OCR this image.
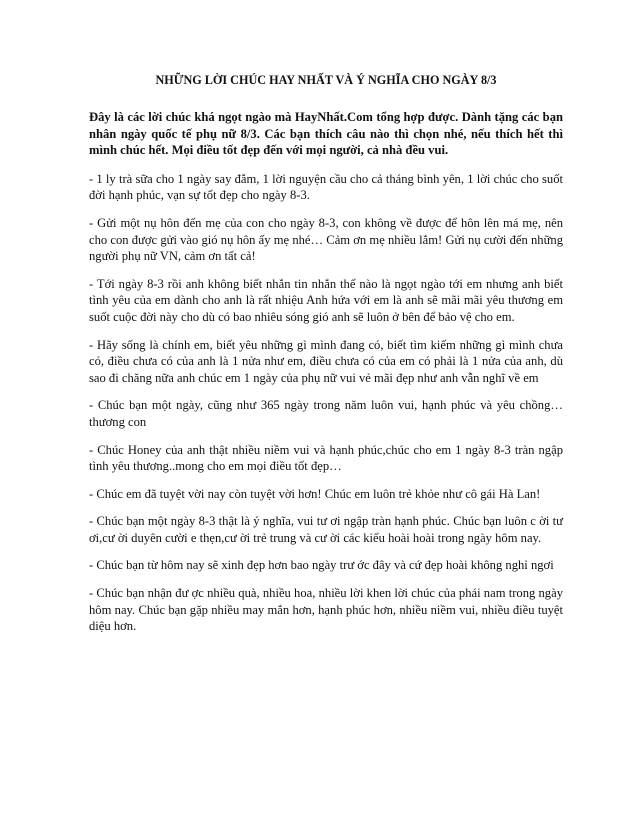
NHỮNG LỜI CHÚC HAY NHẤT VÀ Ý NGHĨA CHO NGÀY 8/3

Đây là các lời chúc khá ngọt ngào mà HayNhất.Com tổng hợp được. Dành tặng các bạn nhân ngày quốc tế phụ nữ 8/3. Các bạn thích câu nào thì chọn nhé, nếu thích hết thì mình chúc hết. Mọi điều tốt đẹp đến với mọi người, cả nhà đều vui.

- 1 ly trà sữa cho 1 ngày say đắm, 1 lời nguyện cầu cho cả tháng bình yên, 1 lời chúc cho suốt đời hạnh phúc, vạn sự tốt đẹp cho ngày 8-3.

- Gửi một nụ hôn đến mẹ của con cho ngày 8-3, con không về được để hôn lên má mẹ, nên cho con được gửi vào gió nụ hôn ấy mẹ nhé… Cảm ơn mẹ nhiều lắm! Gửi nụ cười đến những người phụ nữ VN, cảm ơn tất cả!

- Tới ngày 8-3 rồi anh không biết nhắn tin nhắn thế nào là ngọt ngào tới em nhưng anh biết tình yêu của em dành cho anh là rất nhiệu Anh hứa với em là anh sẽ mãi mãi yêu thương em suốt cuộc đời này cho dù có bao nhiêu sóng gió anh sẽ luôn ở bên để bảo vệ cho em.

- Hãy sống là chính em, biết yêu những gì mình đang có, biết tìm kiếm những gì mình chưa có, điều chưa có của anh là 1 nửa như em, điều chưa có của em có phải là 1 nửa của anh, dù sao đi chăng nữa anh chúc em 1 ngày của phụ nữ vui vẻ mãi đẹp như anh vẫn nghĩ về em

- Chúc bạn một ngày, cũng như 365 ngày trong năm luôn vui, hạnh phúc và yêu chồng…thương con

- Chúc Honey của anh thật nhiều niềm vui và hạnh phúc,chúc cho em 1 ngày 8-3 tràn ngập tình yêu thương..mong cho em mọi điều tốt đẹp…

- Chúc em đã tuyệt vời nay còn tuyệt vời hơn! Chúc em luôn trẻ khỏe như cô gái Hà Lan!

- Chúc bạn một ngày 8-3 thật là ý nghĩa, vui tư ơi ngập tràn hạnh phúc. Chúc bạn luôn c ời tư ơi,cư ời duyên cười e thẹn,cư ời trẻ trung và cư ời các kiểu hoài hoài trong ngày hôm nay.

- Chúc bạn từ hôm nay sẽ xinh đẹp hơn bao ngày trư ớc đây và cứ đẹp hoài không nghỉ ngơi

- Chúc bạn nhận đư ợc nhiều quà, nhiều hoa, nhiều lời khen lời chúc của phái nam trong ngày hôm nay. Chúc bạn gặp nhiều may mắn hơn, hạnh phúc hơn, nhiều niềm vui, nhiều điều tuyệt diệu hơn.
